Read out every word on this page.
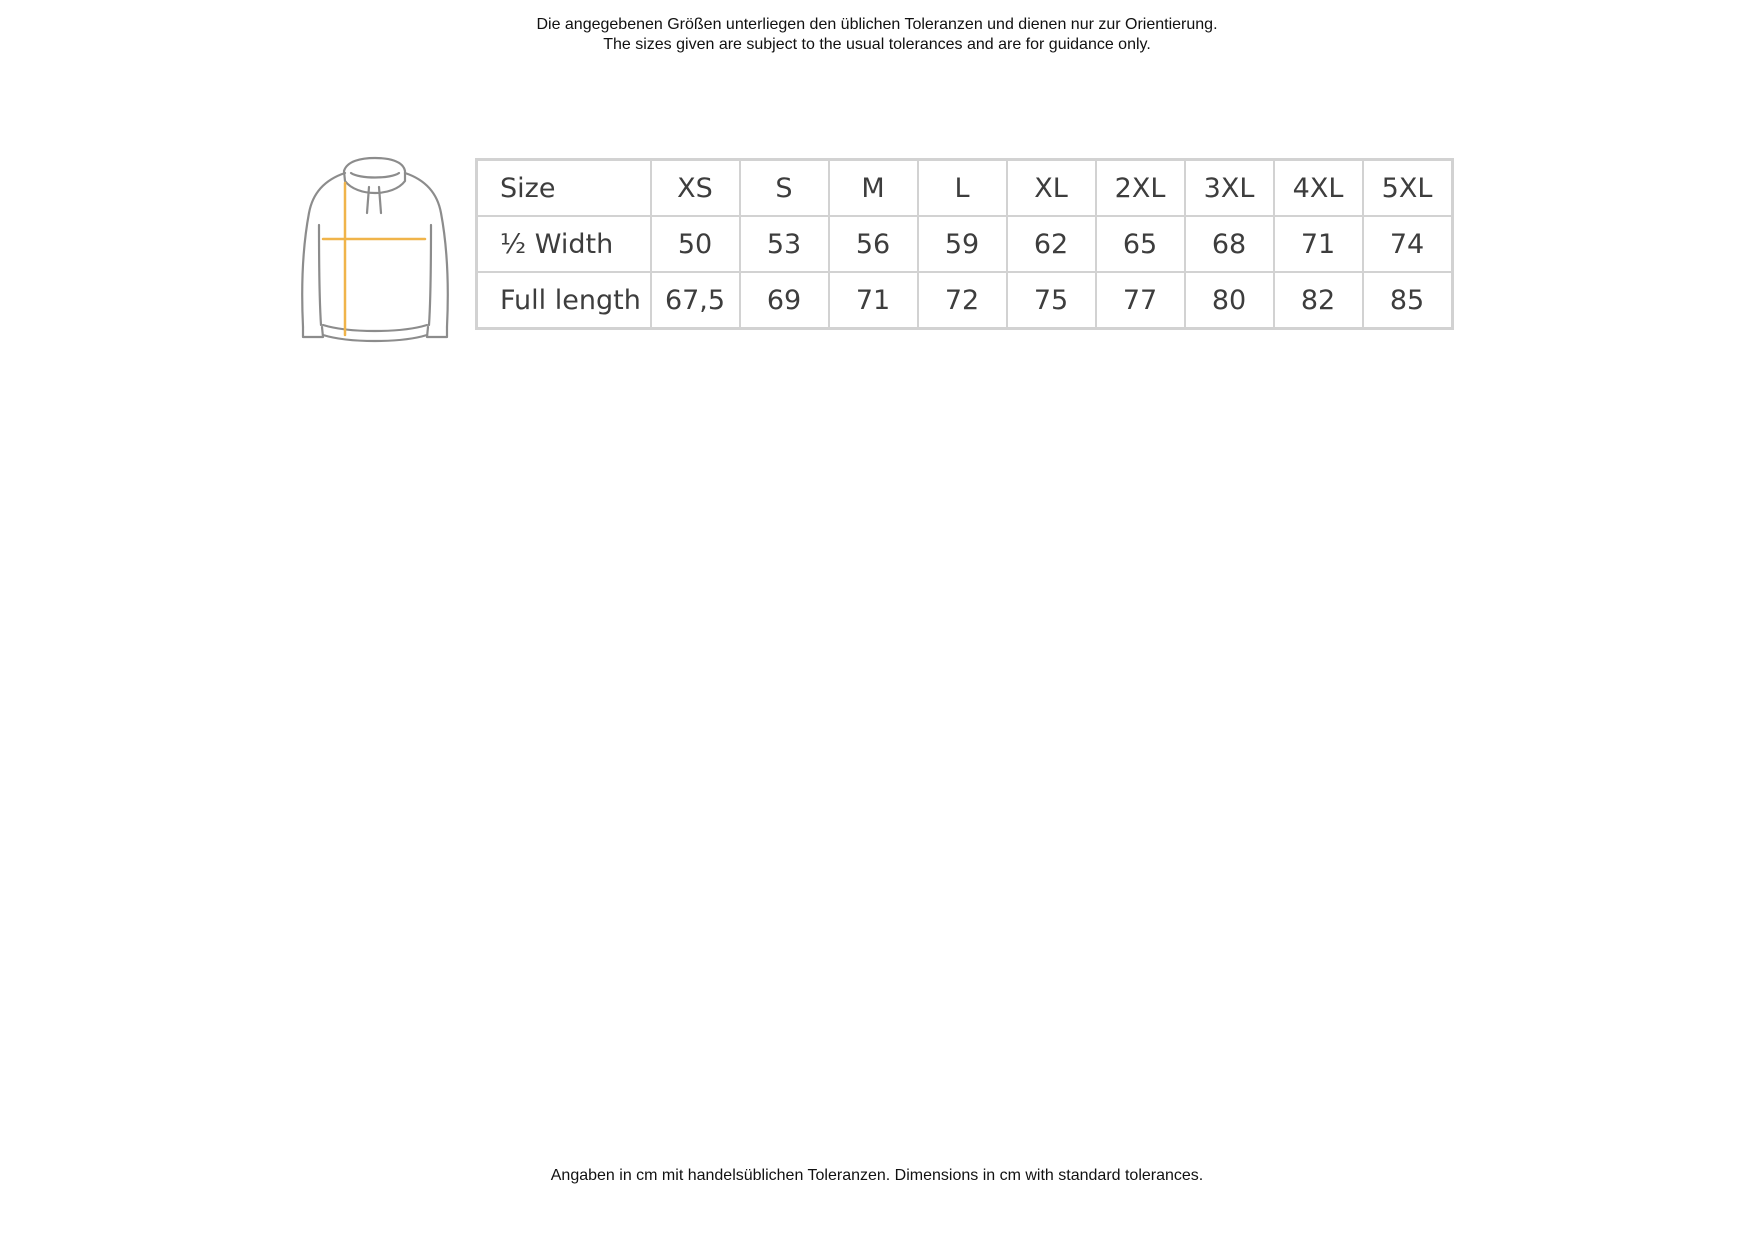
Die angegebenen Größen unterliegen den üblichen Toleranzen und dienen nur zur Orientierung.
The sizes given are subject to the usual tolerances and are for guidance only.
Size	XS	S	M	L	XL	2XL	3XL	4XL	5XL
½ Width	50	53	56	59	62	65	68	71	74
Full length	67,5	69	71	72	75	77	80	82	85
Angaben in cm mit handelsüblichen Toleranzen. Dimensions in cm with standard tolerances.
